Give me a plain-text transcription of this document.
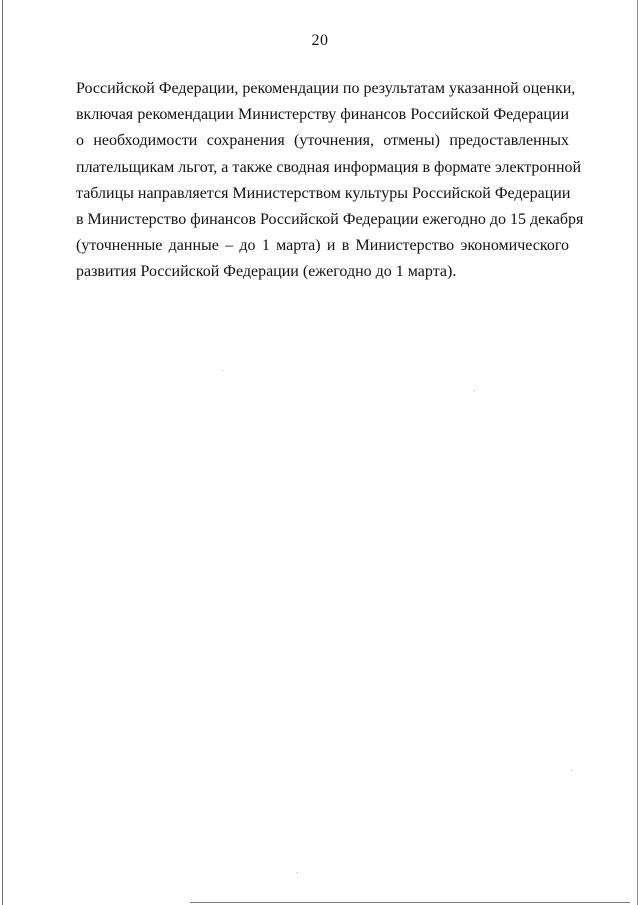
20
Российской Федерации, рекомендации по результатам указанной оценки,
включая рекомендации Министерству финансов Российской Федерации
о необходимости сохранения (уточнения, отмены) предоставленных
плательщикам льгот, а также сводная информация в формате электронной
таблицы направляется Министерством культуры Российской Федерации
в Министерство финансов Российской Федерации ежегодно до 15 декабря
(уточненные данные – до 1 марта) и в Министерство экономического
развития Российской Федерации (ежегодно до 1 марта).
